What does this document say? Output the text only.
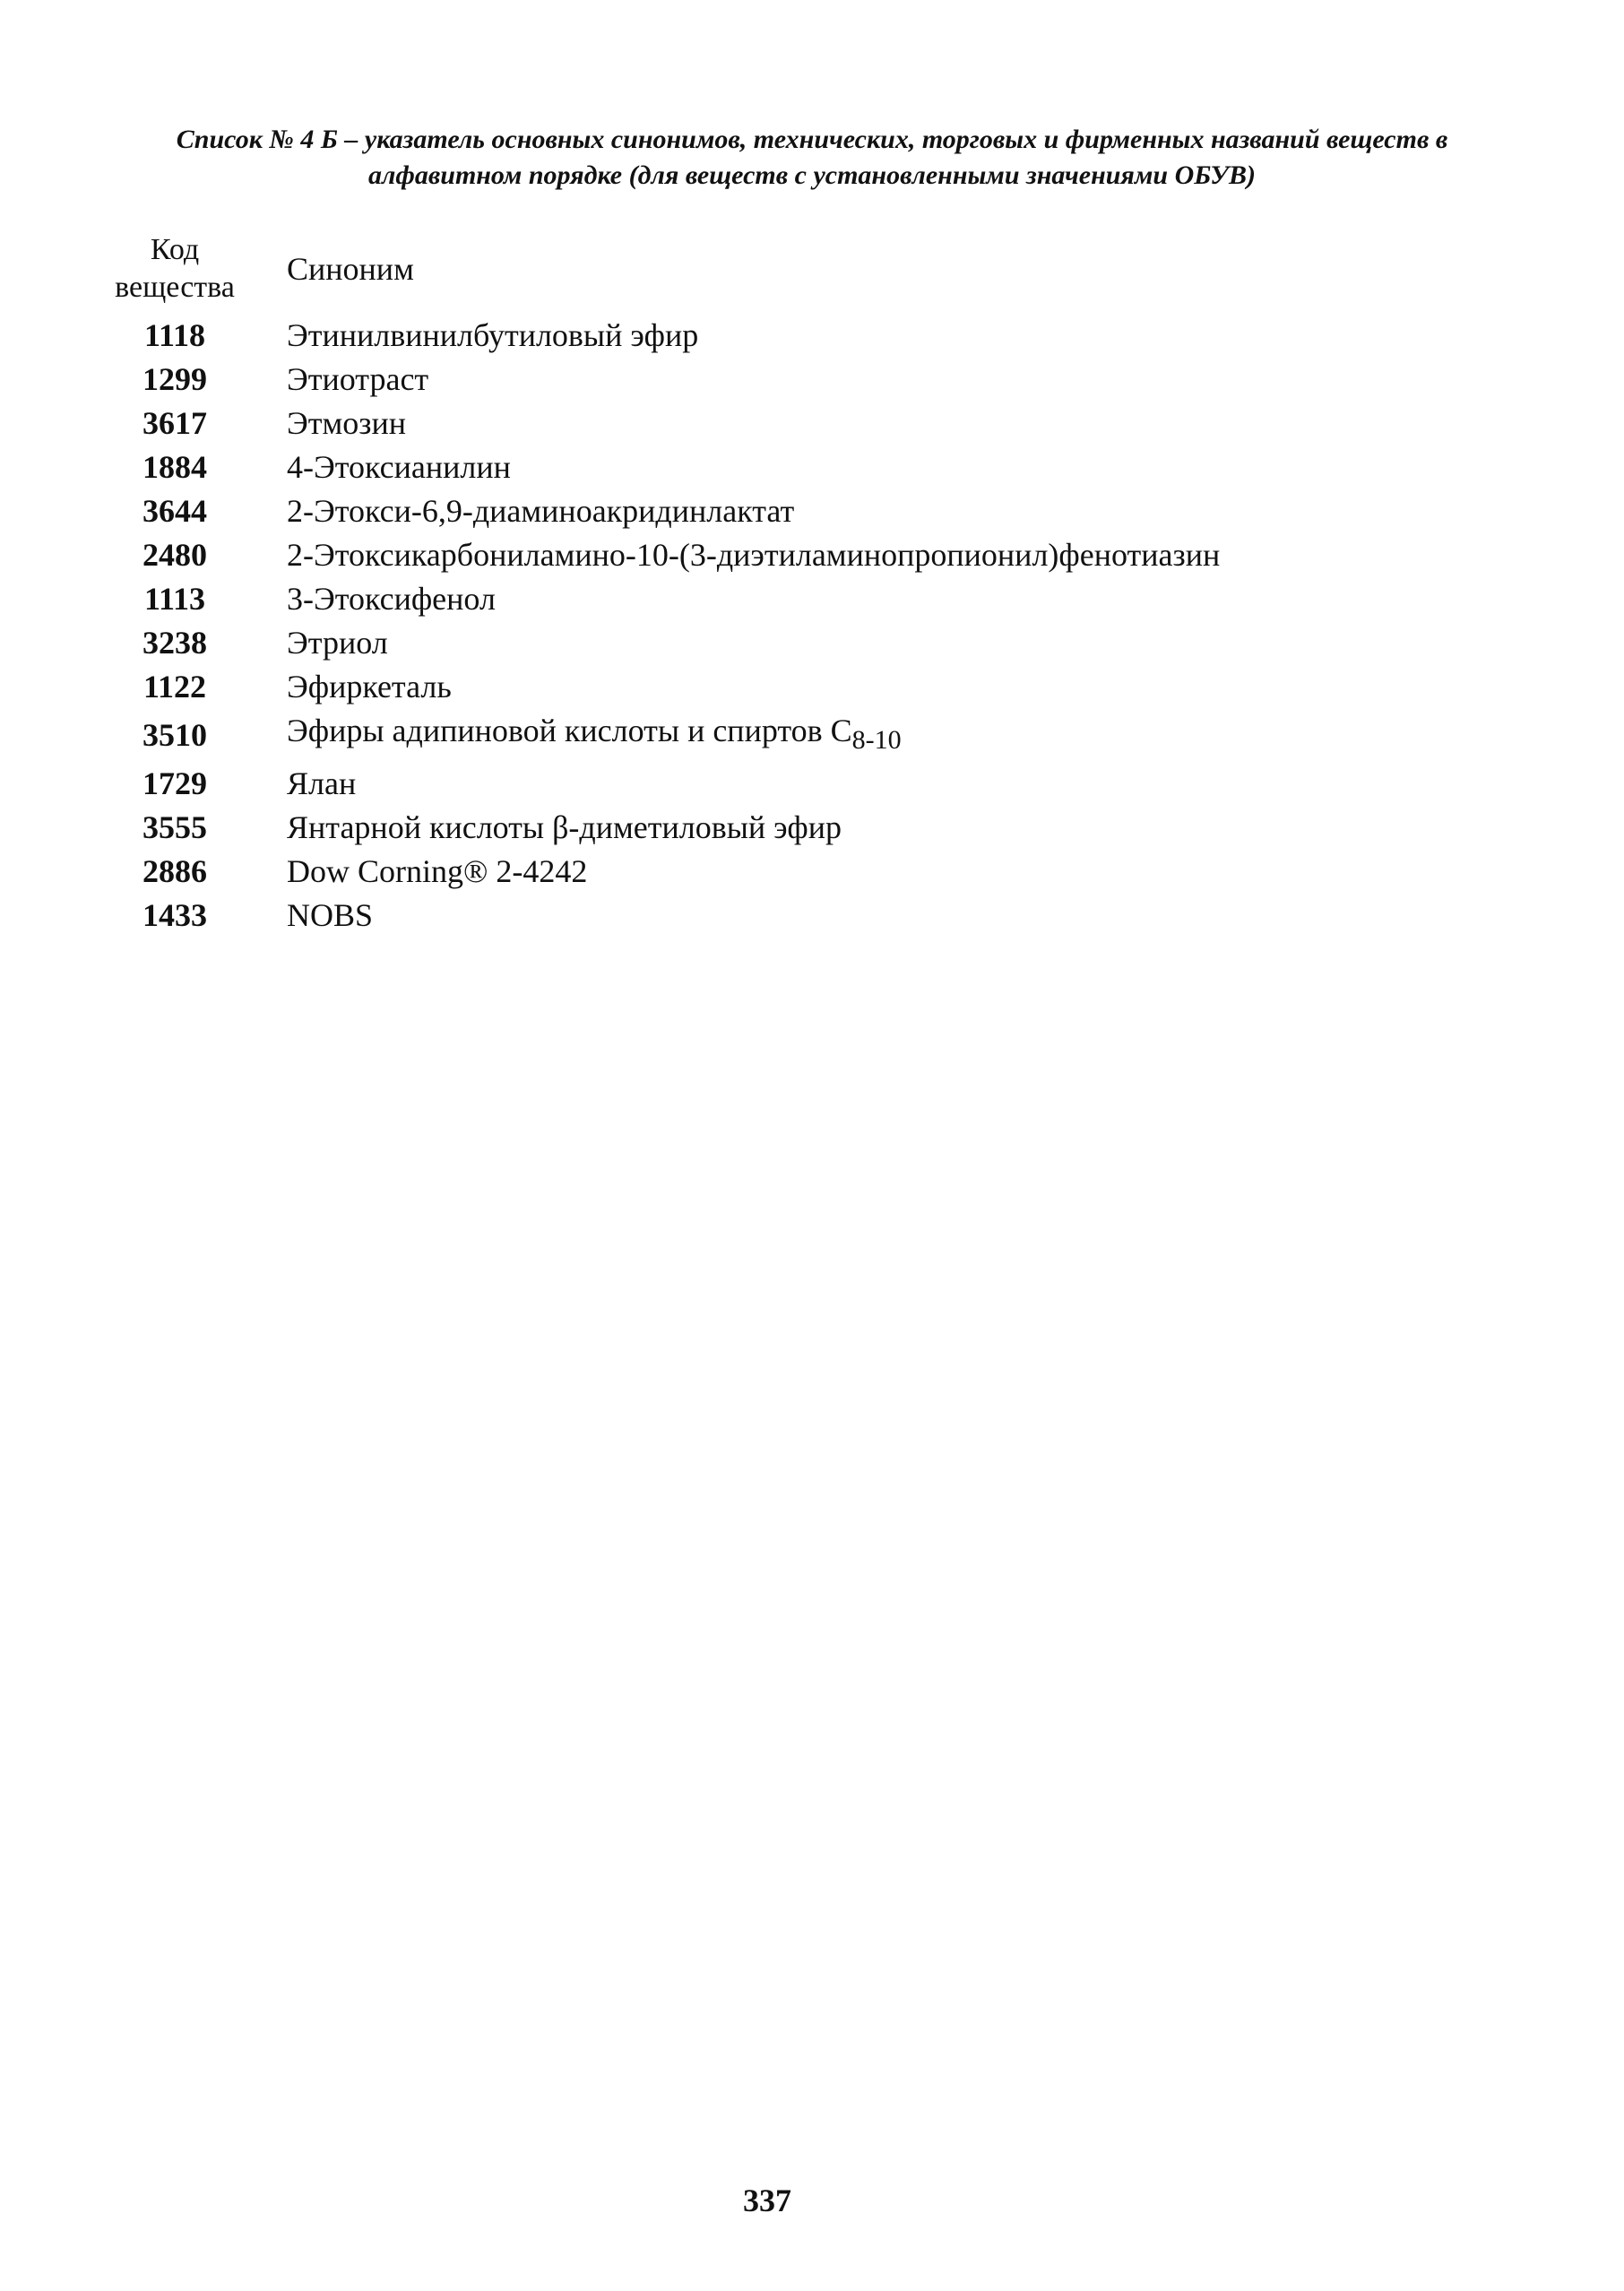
Список № 4 Б – указатель основных синонимов, технических, торговых и фирменных названий веществ в
алфавитном порядке (для веществ с установленными значениями ОБУВ)
Код
вещества	Синоним
1118	Этинилвинилбутиловый эфир
1299	Этиотраст
3617	Этмозин
1884	4-Этоксианилин
3644	2-Этокси-6,9-диаминоакридинлактат
2480	2-Этоксикарбониламино-10-(3-диэтиламинопропионил)фенотиазин
1113	3-Этоксифенол
3238	Этриол
1122	Эфиркеталь
3510	Эфиры адипиновой кислоты и спиртов $C_{8-10}$
1729	Ялан
3555	Янтарной кислоты β-диметиловый эфир
2886	Dow Corning® 2-4242
1433	NOBS
337
